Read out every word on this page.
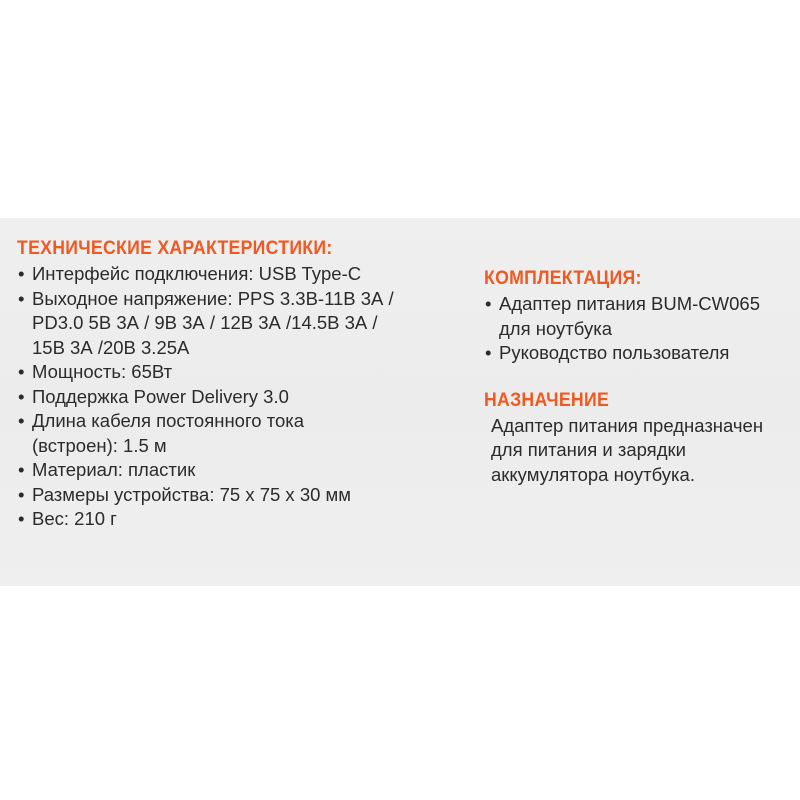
ТЕХНИЧЕСКИЕ ХАРАКТЕРИСТИКИ:
• Интерфейс подключения: USB Type-C
• Выходное напряжение: PPS 3.3В-11В 3А /
PD3.0 5В 3А / 9В 3А / 12В 3А /14.5В 3А /
15В 3А /20В 3.25А
• Мощность: 65Вт
• Поддержка Power Delivery 3.0
• Длина кабеля постоянного тока
(встроен): 1.5 м
• Материал: пластик
• Размеры устройства: 75 х 75 х 30 мм
• Вес: 210 г
КОМПЛЕКТАЦИЯ:
• Адаптер питания BUM-CW065
для ноутбука
• Руководство пользователя
НАЗНАЧЕНИЕ

Адаптер питания предназначен
для питания и зарядки
аккумулятора ноутбука.
